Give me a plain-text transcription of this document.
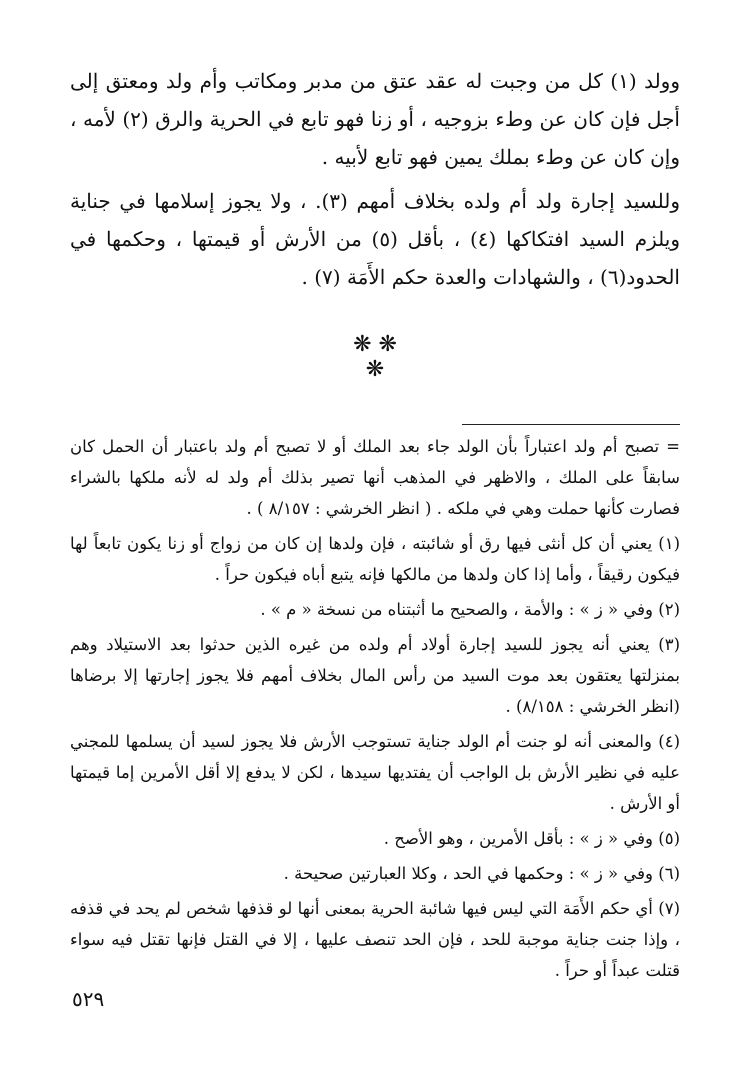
وولد (١) كل من وجبت له عقد عتق من مدبر ومكاتب وأم ولد ومعتق إلى أجل فإن كان عن وطء بزوجيه ، أو زنا فهو تابع في الحرية والرق (٢) لأمه ، وإن كان عن وطء بملك يمين فهو تابع لأبيه .

وللسيد إجارة ولد أم ولده بخلاف أمهم (٣). ، ولا يجوز إسلامها في جناية ويلزم السيد افتكاكها (٤) ، بأقل (٥) من الأرش أو قيمتها ، وحكمها في الحدود(٦) ، والشهادات والعدة حكم الأَمَة (٧) .

❋ ❋ ❋

= تصبح أم ولد اعتباراً بأن الولد جاء بعد الملك أو لا تصبح أم ولد باعتبار أن الحمل كان سابقاً على الملك ، والاظهر في المذهب أنها تصير بذلك أم ولد له لأنه ملكها بالشراء فصارت كأنها حملت وهي في ملكه . ( انظر الخرشي : ٨/١٥٧ ) .

(١) يعني أن كل أنثى فيها رق أو شائبته ، فإن ولدها إن كان من زواج أو زنا يكون تابعاً لها فيكون رقيقاً ، وأما إذا كان ولدها من مالكها فإنه يتبع أباه فيكون حراً .

(٢) وفي « ز » : والأمة ، والصحيح ما أثبتناه من نسخة « م » .

(٣) يعني أنه يجوز للسيد إجارة أولاد أم ولده من غيره الذين حدثوا بعد الاستيلاد وهم بمنزلتها يعتقون بعد موت السيد من رأس المال بخلاف أمهم فلا يجوز إجارتها إلا برضاها (انظر الخرشي : ٨/١٥٨) .

(٤) والمعنى أنه لو جنت أم الولد جناية تستوجب الأرش فلا يجوز لسيد أن يسلمها للمجني عليه في نظير الأرش بل الواجب أن يفتديها سيدها ، لكن لا يدفع إلا أقل الأمرين إما قيمتها أو الأرش .

(٥) وفي « ز » : بأقل الأمرين ، وهو الأصح .

(٦) وفي « ز » : وحكمها في الحد ، وكلا العبارتين صحيحة .

(٧) أي حكم الأَمَة التي ليس فيها شائبة الحرية بمعنى أنها لو قذفها شخص لم يحد في قذفه ، وإذا جنت جناية موجبة للحد ، فإن الحد تنصف عليها ، إلا في القتل فإنها تقتل فيه سواء قتلت عبداً أو حراً .

٥٢٩
